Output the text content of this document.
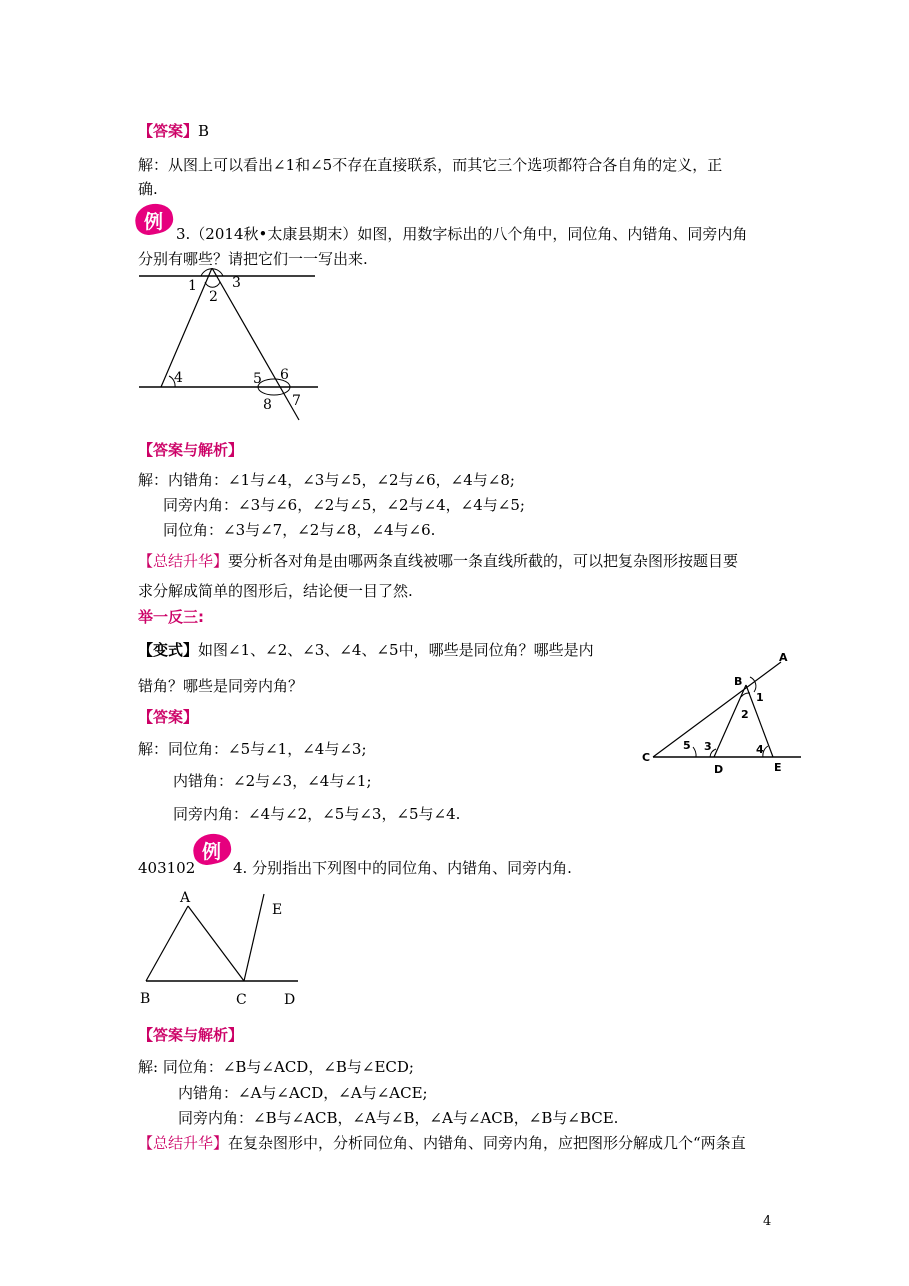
【答案】B
解：从图上可以看出∠1和∠5不存在直接联系，而其它三个选项都符合各自角的定义，正
确.
例
3.（2014秋•太康县期末）如图，用数字标出的八个角中，同位角、内错角、同旁内角
分别有哪些？请把它们一一写出来.
1
2
3
4	5 6
7
8
【答案与解析】
解：内错角：∠1与∠4，∠3与∠5，∠2与∠6，∠4与∠8;
同旁内角：∠3与∠6，∠2与∠5，∠2与∠4，∠4与∠5;
同位角：∠3与∠7，∠2与∠8，∠4与∠6.
【总结升华】要分析各对角是由哪两条直线被哪一条直线所截的，可以把复杂图形按题目要
求分解成简单的图形后，结论便一目了然.
举一反三:
【变式】如图∠1、∠2、∠3、∠4、∠5中，哪些是同位角？哪些是内
错角？哪些是同旁内角？
【答案】
解：同位角：∠5与∠1，∠4与∠3;
内错角：∠2与∠3，∠4与∠1;
同旁内角：∠4与∠2，∠5与∠3，∠5与∠4.
A
B
C
D	E
1
2
3	4
5
403102
例
4. 分别指出下列图中的同位角、内错角、同旁内角.
A
B	C	D
E
【答案与解析】
解: 同位角：∠B与∠ACD，∠B与∠ECD;
内错角：∠A与∠ACD，∠A与∠ACE;
同旁内角：∠B与∠ACB，∠A与∠B，∠A与∠ACB，∠B与∠BCE.
【总结升华】在复杂图形中，分析同位角、内错角、同旁内角，应把图形分解成几个“两条直
4
